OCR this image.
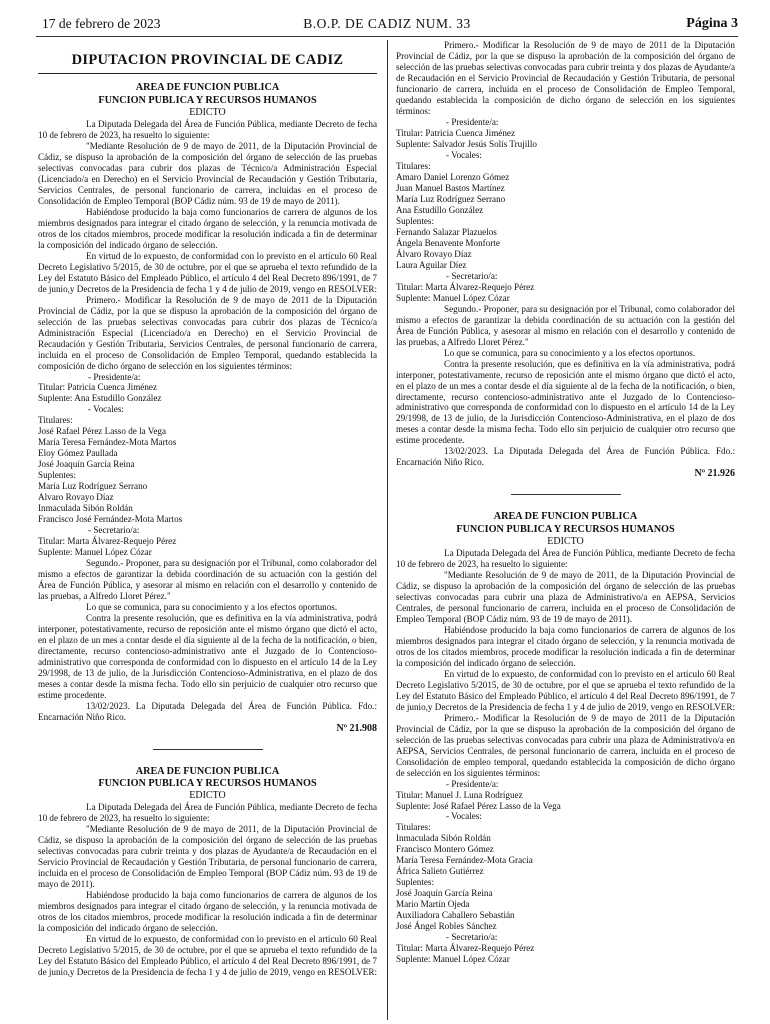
17 de febrero de 2023	B.O.P. DE CADIZ NUM. 33	Página 3
DIPUTACION PROVINCIAL DE CADIZ

AREA DE FUNCION PUBLICA

FUNCION PUBLICA Y RECURSOS HUMANOS

EDICTO

La Diputada Delegada del Área de Función Pública, mediante Decreto de fecha 10 de febrero de 2023, ha resuelto lo siguiente:

"Mediante Resolución de 9 de mayo de 2011, de la Diputación Provincial de Cádiz, se dispuso la aprobación de la composición del órgano de selección de las pruebas selectivas convocadas para cubrir dos plazas de Técnico/a Administración Especial (Licenciado/a en Derecho) en el Servicio Provincial de Recaudación y Gestión Tributaria, Servicios Centrales, de personal funcionario de carrera, incluidas en el proceso de Consolidación de Empleo Temporal (BOP Cádiz núm. 93 de 19 de mayo de 2011).

Habiéndose producido la baja como funcionarios de carrera de algunos de los miembros designados para integrar el citado órgano de selección, y la renuncia motivada de otros de los citados miembros, procede modificar la resolución indicada a fin de determinar la composición del indicado órgano de selección.

En virtud de lo expuesto, de conformidad con lo previsto en el artículo 60 Real Decreto Legislativo 5/2015, de 30 de octubre, por el que se aprueba el texto refundido de la Ley del Estatuto Básico del Empleado Público, el artículo 4 del Real Decreto 896/1991, de 7 de junio,y Decretos de la Presidencia de fecha 1 y 4 de julio de 2019, vengo en RESOLVER:

Primero.- Modificar la Resolución de 9 de mayo de 2011 de la Diputación Provincial de Cádiz, por la que se dispuso la aprobación de la composición del órgano de selección de las pruebas selectivas convocadas para cubrir dos plazas de Técnico/a Administración Especial (Licenciado/a en Derecho) en el Servicio Provincial de Recaudación y Gestión Tributaria, Servicios Centrales, de personal funcionario de carrera, incluida en el proceso de Consolidación de Empleo Temporal, quedando establecida la composición de dicho órgano de selección en los siguientes términos:

- Presidente/a:

Titular: Patricia Cuenca Jiménez

Suplente: Ana Estudillo González

- Vocales:

Titulares:

José Rafael Pérez Lasso de la Vega

María Teresa Fernández-Mota Martos

Eloy Gómez Paullada

José Joaquín García Reina

Suplentes:

María Luz Rodríguez Serrano

Alvaro Rovayo Díaz

Inmaculada Sibón Roldán

Francisco José Fernández-Mota Martos

- Secretario/a:

Titular: Marta Álvarez-Requejo Pérez

Suplente: Manuel López Cózar

Segundo.- Proponer, para su designación por el Tribunal, como colaborador del mismo a efectos de garantizar la debida coordinación de su actuación con la gestión del Área de Función Pública, y asesorar al mismo en relación con el desarrollo y contenido de las pruebas, a Alfredo Lloret Pérez."

Lo que se comunica, para su conocimiento y a los efectos oportunos.

Contra la presente resolución, que es definitiva en la vía administrativa, podrá interponer, potestativamente, recurso de reposición ante el mismo órgano que dictó el acto, en el plazo de un mes a contar desde el día siguiente al de la fecha de la notificación, o bien, directamente, recurso contencioso-administrativo ante el Juzgado de lo Contencioso-administrativo que corresponda de conformidad con lo dispuesto en el artículo 14 de la Ley 29/1998, de 13 de julio, de la Jurisdicción Contencioso-Administrativa, en el plazo de dos meses a contar desde la misma fecha. Todo ello sin perjuicio de cualquier otro recurso que estime procedente.

13/02/2023. La Diputada Delegada del Área de Función Pública. Fdo.: Encarnación Niño Rico.

Nº 21.908

AREA DE FUNCION PUBLICA

FUNCION PUBLICA Y RECURSOS HUMANOS

EDICTO

La Diputada Delegada del Área de Función Pública, mediante Decreto de fecha 10 de febrero de 2023, ha resuelto lo siguiente:

"Mediante Resolución de 9 de mayo de 2011, de la Diputación Provincial de Cádiz, se dispuso la aprobación de la composición del órgano de selección de las pruebas selectivas convocadas para cubrir treinta y dos plazas de Ayudante/a de Recaudación en el Servicio Provincial de Recaudación y Gestión Tributaria, de personal funcionario de carrera, incluida en el proceso de Consolidación de Empleo Temporal (BOP Cádiz núm. 93 de 19 de mayo de 2011).

Habiéndose producido la baja como funcionarios de carrera de algunos de los miembros designados para integrar el citado órgano de selección, y la renuncia motivada de otros de los citados miembros, procede modificar la resolución indicada a fin de determinar la composición del indicado órgano de selección.

En virtud de lo expuesto, de conformidad con lo previsto en el artículo 60 Real Decreto Legislativo 5/2015, de 30 de octubre, por el que se aprueba el texto refundido de la Ley del Estatuto Básico del Empleado Público, el artículo 4 del Real Decreto 896/1991, de 7 de junio,y Decretos de la Presidencia de fecha 1 y 4 de julio de 2019, vengo en RESOLVER:

Primero.- Modificar la Resolución de 9 de mayo de 2011 de la Diputación Provincial de Cádiz, por la que se dispuso la aprobación de la composición del órgano de selección de las pruebas selectivas convocadas para cubrir treinta y dos plazas de Ayudante/a de Recaudación en el Servicio Provincial de Recaudación y Gestión Tributaria, de personal funcionario de carrera, incluida en el proceso de Consolidación de Empleo Temporal, quedando establecida la composición de dicho órgano de selección en los siguientes términos:

- Presidente/a:

Titular: Patricia Cuenca Jiménez

Suplente: Salvador Jesús Solís Trujillo

- Vocales:

Titulares:

Amaro Daniel Lorenzo Gómez

Juan Manuel Bastos Martínez

María Luz Rodríguez Serrano

Ana Estudillo González

Suplentes:

Fernando Salazar Plazuelos

Ángela Benavente Monforte

Álvaro Rovayo Díaz

Laura Aguilar Díez

- Secretario/a:

Titular: Marta Álvarez-Requejo Pérez

Suplente: Manuel López Cózar

Segundo.- Proponer, para su designación por el Tribunal, como colaborador del mismo a efectos de garantizar la debida coordinación de su actuación con la gestión del Área de Función Pública, y asesorar al mismo en relación con el desarrollo y contenido de las pruebas, a Alfredo Lloret Pérez."

Lo que se comunica, para su conocimiento y a los efectos oportunos.

Contra la presente resolución, que es definitiva en la vía administrativa, podrá interponer, potestativamente, recurso de reposición ante el mismo órgano que dictó el acto, en el plazo de un mes a contar desde el día siguiente al de la fecha de la notificación, o bien, directamente, recurso contencioso-administrativo ante el Juzgado de lo Contencioso-administrativo que corresponda de conformidad con lo dispuesto en el artículo 14 de la Ley 29/1998, de 13 de julio, de la Jurisdicción Contencioso-Administrativa, en el plazo de dos meses a contar desde la misma fecha. Todo ello sin perjuicio de cualquier otro recurso que estime procedente.

13/02/2023. La Diputada Delegada del Área de Función Pública. Fdo.: Encarnación Niño Rico.

Nº 21.926

AREA DE FUNCION PUBLICA

FUNCION PUBLICA Y RECURSOS HUMANOS

EDICTO

La Diputada Delegada del Área de Función Pública, mediante Decreto de fecha 10 de febrero de 2023, ha resuelto lo siguiente:

"Mediante Resolución de 9 de mayo de 2011, de la Diputación Provincial de Cádiz, se dispuso la aprobación de la composición del órgano de selección de las pruebas selectivas convocadas para cubrir una plaza de Administrativo/a en AEPSA, Servicios Centrales, de personal funcionario de carrera, incluida en el proceso de Consolidación de Empleo Temporal (BOP Cádiz núm. 93 de 19 de mayo de 2011).

Habiéndose producido la baja como funcionarios de carrera de algunos de los miembros designados para integrar el citado órgano de selección, y la renuncia motivada de otros de los citados miembros, procede modificar la resolución indicada a fin de determinar la composición del indicado órgano de selección.

En virtud de lo expuesto, de conformidad con lo previsto en el artículo 60 Real Decreto Legislativo 5/2015, de 30 de octubre, por el que se aprueba el texto refundido de la Ley del Estatuto Básico del Empleado Público, el artículo 4 del Real Decreto 896/1991, de 7 de junio,y Decretos de la Presidencia de fecha 1 y 4 de julio de 2019, vengo en RESOLVER:

Primero.- Modificar la Resolución de 9 de mayo de 2011 de la Diputación Provincial de Cádiz, por la que se dispuso la aprobación de la composición del órgano de selección de las pruebas selectivas convocadas para cubrir una plaza de Administrativo/a en AEPSA, Servicios Centrales, de personal funcionario de carrera, incluida en el proceso de Consolidación de empleo temporal, quedando establecida la composición de dicho órgano de selección en los siguientes términos:

- Presidente/a:

Titular: Manuel J. Luna Rodríguez

Suplente: José Rafael Pérez Lasso de la Vega

- Vocales:

Titulares:

Inmaculada Sibón Roldán

Francisco Montero Gómez

María Teresa Fernández-Mota Gracia

África Salieto Gutiérrez

Suplentes:

José Joaquín García Reina

Mario Martín Ojeda

Auxiliadora Caballero Sebastián

José Ángel Robles Sánchez

- Secretario/a:

Titular: Marta Álvarez-Requejo Pérez

Suplente: Manuel López Cózar
